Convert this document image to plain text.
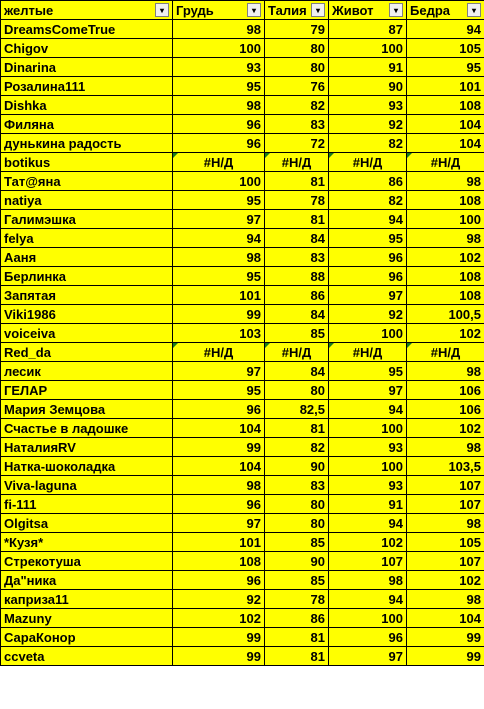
желтые ▾	Грудь ▾	Талия ▾	Живот ▾	Бедра ▾

DreamsComeTrue	98	79	87	94
Chigov	100	80	100	105
Dinarina	93	80	91	95
Розалина111	95	76	90	101
Dishka	98	82	93	108
Филяна	96	83	92	104
дунькина радость	96	72	82	104
botikus	#Н/Д	#Н/Д	#Н/Д	#Н/Д
Тат@яна	100	81	86	98
natiya	95	78	82	108
Галимэшка	97	81	94	100
felya	94	84	95	98
Ааня	98	83	96	102
Берлинка	95	88	96	108
Запятая	101	86	97	108
Viki1986	99	84	92	100,5
voiceiva	103	85	100	102
Red_da	#Н/Д	#Н/Д	#Н/Д	#Н/Д
лесик	97	84	95	98
ГЕЛАР	95	80	97	106
Мария Земцова	96	82,5	94	106
Счастье в ладошке	104	81	100	102
НаталияRV	99	82	93	98
Натка-шоколадка	104	90	100	103,5
Viva-laguna	98	83	93	107
fi-111	96	80	91	107
Olgitsa	97	80	94	98
*Кузя*	101	85	102	105
Стрекотуша	108	90	107	107
Да"ника	96	85	98	102
каприза11	92	78	94	98
Mazuny	102	86	100	104
СараКонор	99	81	96	99
ccveta	99	81	97	99
